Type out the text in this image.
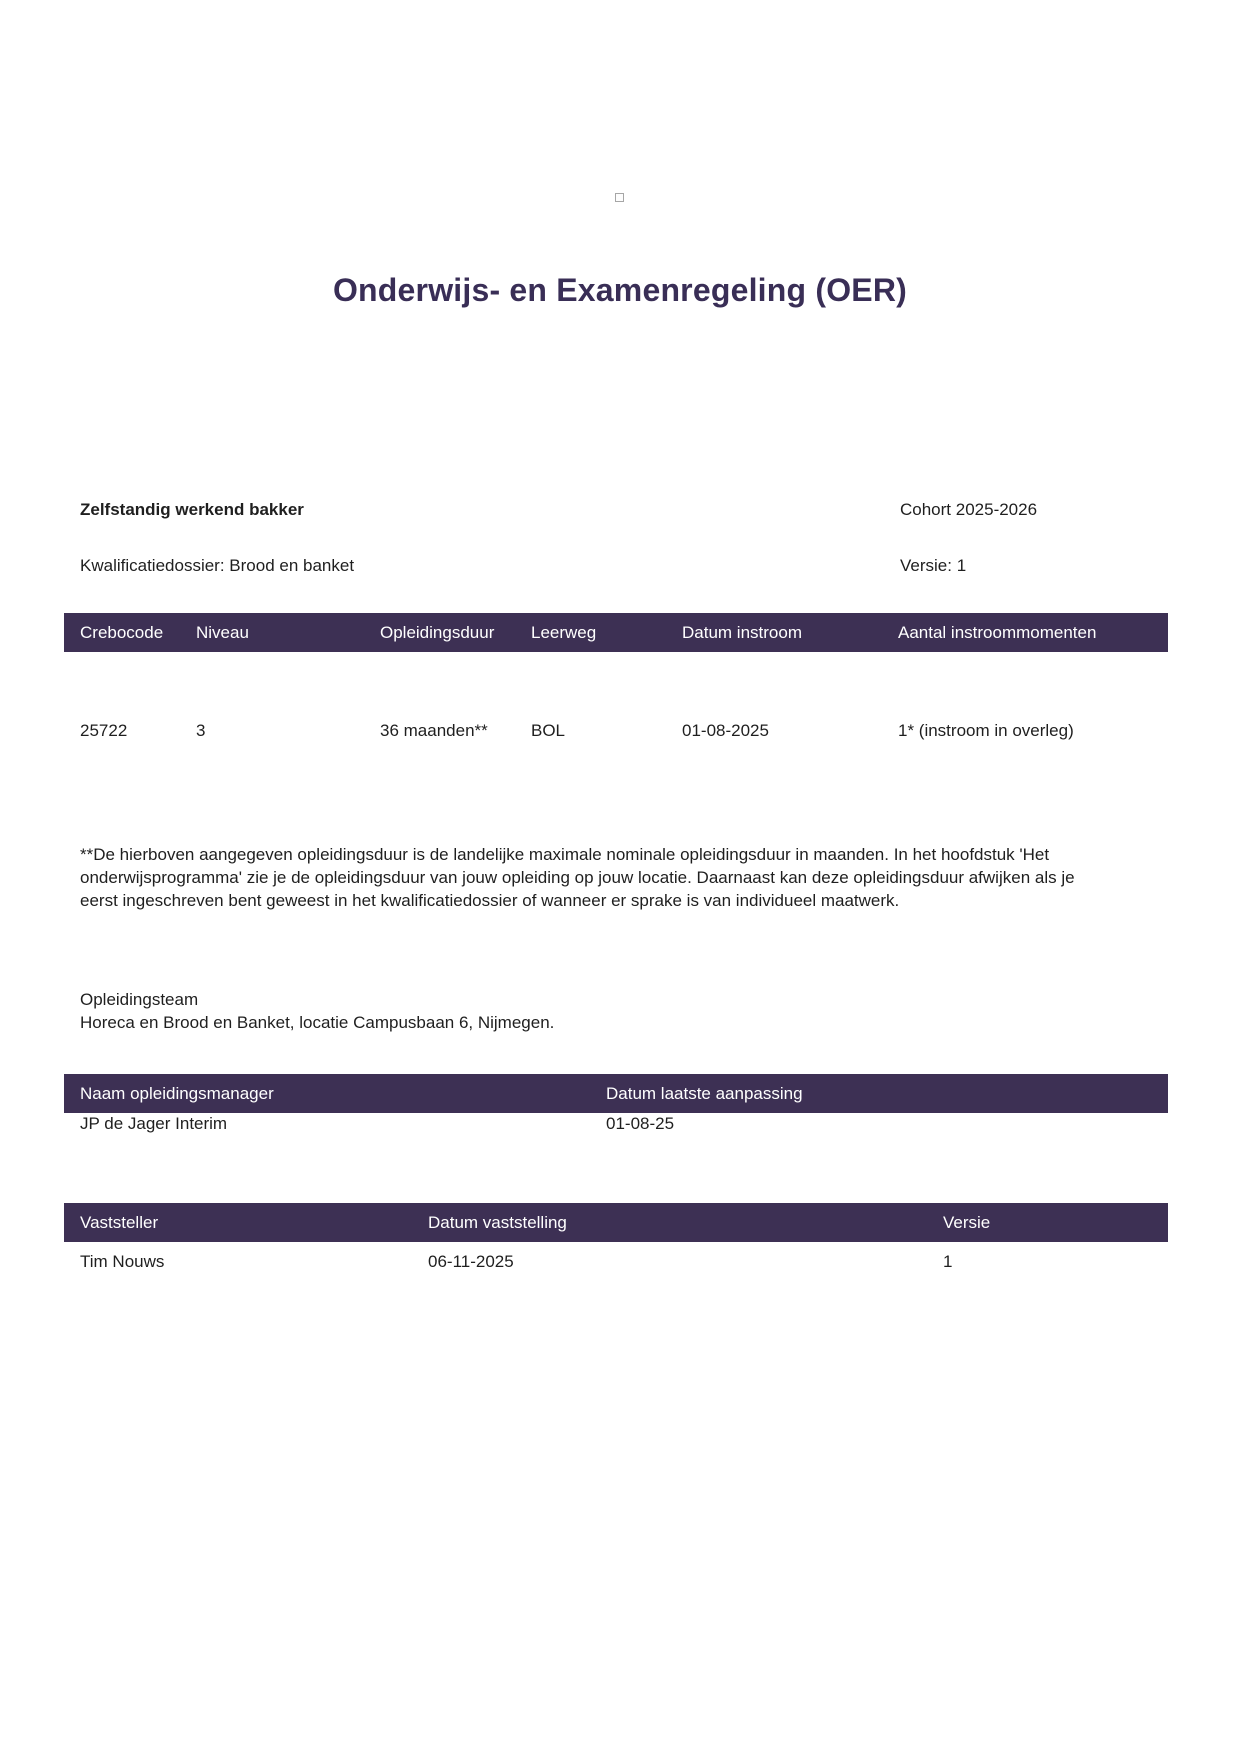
Onderwijs- en Examenregeling (OER)
Zelfstandig werkend bakker	Cohort 2025-2026
Kwalificatiedossier: Brood en banket	Versie: 1
Crebocode	Niveau	Opleidingsduur	Leerweg	Datum instroom	Aantal instroommomenten
25722	3	36 maanden**	BOL	01-08-2025	1* (instroom in overleg)

**De hierboven aangegeven opleidingsduur is de landelijke maximale nominale opleidingsduur in maanden. In het hoofdstuk 'Het onderwijsprogramma' zie je de opleidingsduur van jouw opleiding op jouw locatie. Daarnaast kan deze opleidingsduur afwijken als je eerst ingeschreven bent geweest in het kwalificatiedossier of wanneer er sprake is van individueel maatwerk.

Opleidingsteam
Horeca en Brood en Banket, locatie Campusbaan 6, Nijmegen.
Naam opleidingsmanager	Datum laatste aanpassing
JP de Jager Interim	01-08-25
Vaststeller	Datum vaststelling	Versie
Tim Nouws	06-11-2025	1
